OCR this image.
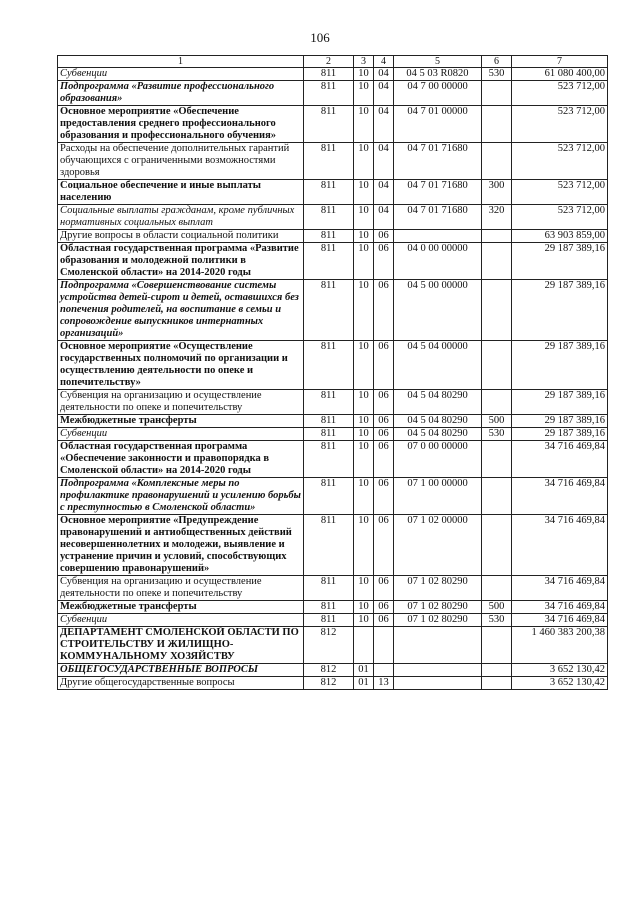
106
1	2	3	4	5	6	7
Субвенции	811	10	04	04 5 03 R0820	530	61 080 400,00
Подпрограмма «Развитие профессионального образования»	811	10	04	04 7 00 00000		523 712,00
Основное мероприятие «Обеспечение предоставления среднего профессионального образования и профессионального обучения»	811	10	04	04 7 01 00000		523 712,00
Расходы на обеспечение дополнительных гарантий обучающихся с ограниченными возможностями здоровья	811	10	04	04 7 01 71680		523 712,00
Социальное обеспечение и иные выплаты населению	811	10	04	04 7 01 71680	300	523 712,00
Социальные выплаты гражданам, кроме публичных нормативных социальных выплат	811	10	04	04 7 01 71680	320	523 712,00
Другие вопросы в области социальной политики	811	10	06			63 903 859,00
Областная государственная программа «Развитие образования и молодежной политики в Смоленской области» на 2014-2020 годы	811	10	06	04 0 00 00000		29 187 389,16
Подпрограмма «Совершенствование системы устройства детей-сирот и детей, оставшихся без попечения родителей, на воспитание в семьи и сопровождение выпускников интернатных организаций»	811	10	06	04 5 00 00000		29 187 389,16
Основное мероприятие «Осуществление государственных полномочий по организации и осуществлению деятельности по опеке и попечительству»	811	10	06	04 5 04 00000		29 187 389,16
Субвенция на организацию и осуществление деятельности по опеке и попечительству	811	10	06	04 5 04 80290		29 187 389,16
Межбюджетные трансферты	811	10	06	04 5 04 80290	500	29 187 389,16
Субвенции	811	10	06	04 5 04 80290	530	29 187 389,16
Областная государственная программа «Обеспечение законности и правопорядка в Смоленской области» на 2014-2020 годы	811	10	06	07 0 00 00000		34 716 469,84
Подпрограмма «Комплексные меры по профилактике правонарушений и усилению борьбы с преступностью в Смоленской области»	811	10	06	07 1 00 00000		34 716 469,84
Основное мероприятие «Предупреждение правонарушений и антиобщественных действий несовершеннолетних и молодежи, выявление и устранение причин и условий, способствующих совершению правонарушений»	811	10	06	07 1 02 00000		34 716 469,84
Субвенция на организацию и осуществление деятельности по опеке и попечительству	811	10	06	07 1 02 80290		34 716 469,84
Межбюджетные трансферты	811	10	06	07 1 02 80290	500	34 716 469,84
Субвенции	811	10	06	07 1 02 80290	530	34 716 469,84
ДЕПАРТАМЕНТ СМОЛЕНСКОЙ ОБЛАСТИ ПО СТРОИТЕЛЬСТВУ И ЖИЛИЩНО-КОММУНАЛЬНОМУ ХОЗЯЙСТВУ	812					1 460 383 200,38
ОБЩЕГОСУДАРСТВЕННЫЕ ВОПРОСЫ	812	01				3 652 130,42
Другие общегосударственные вопросы	812	01	13			3 652 130,42
